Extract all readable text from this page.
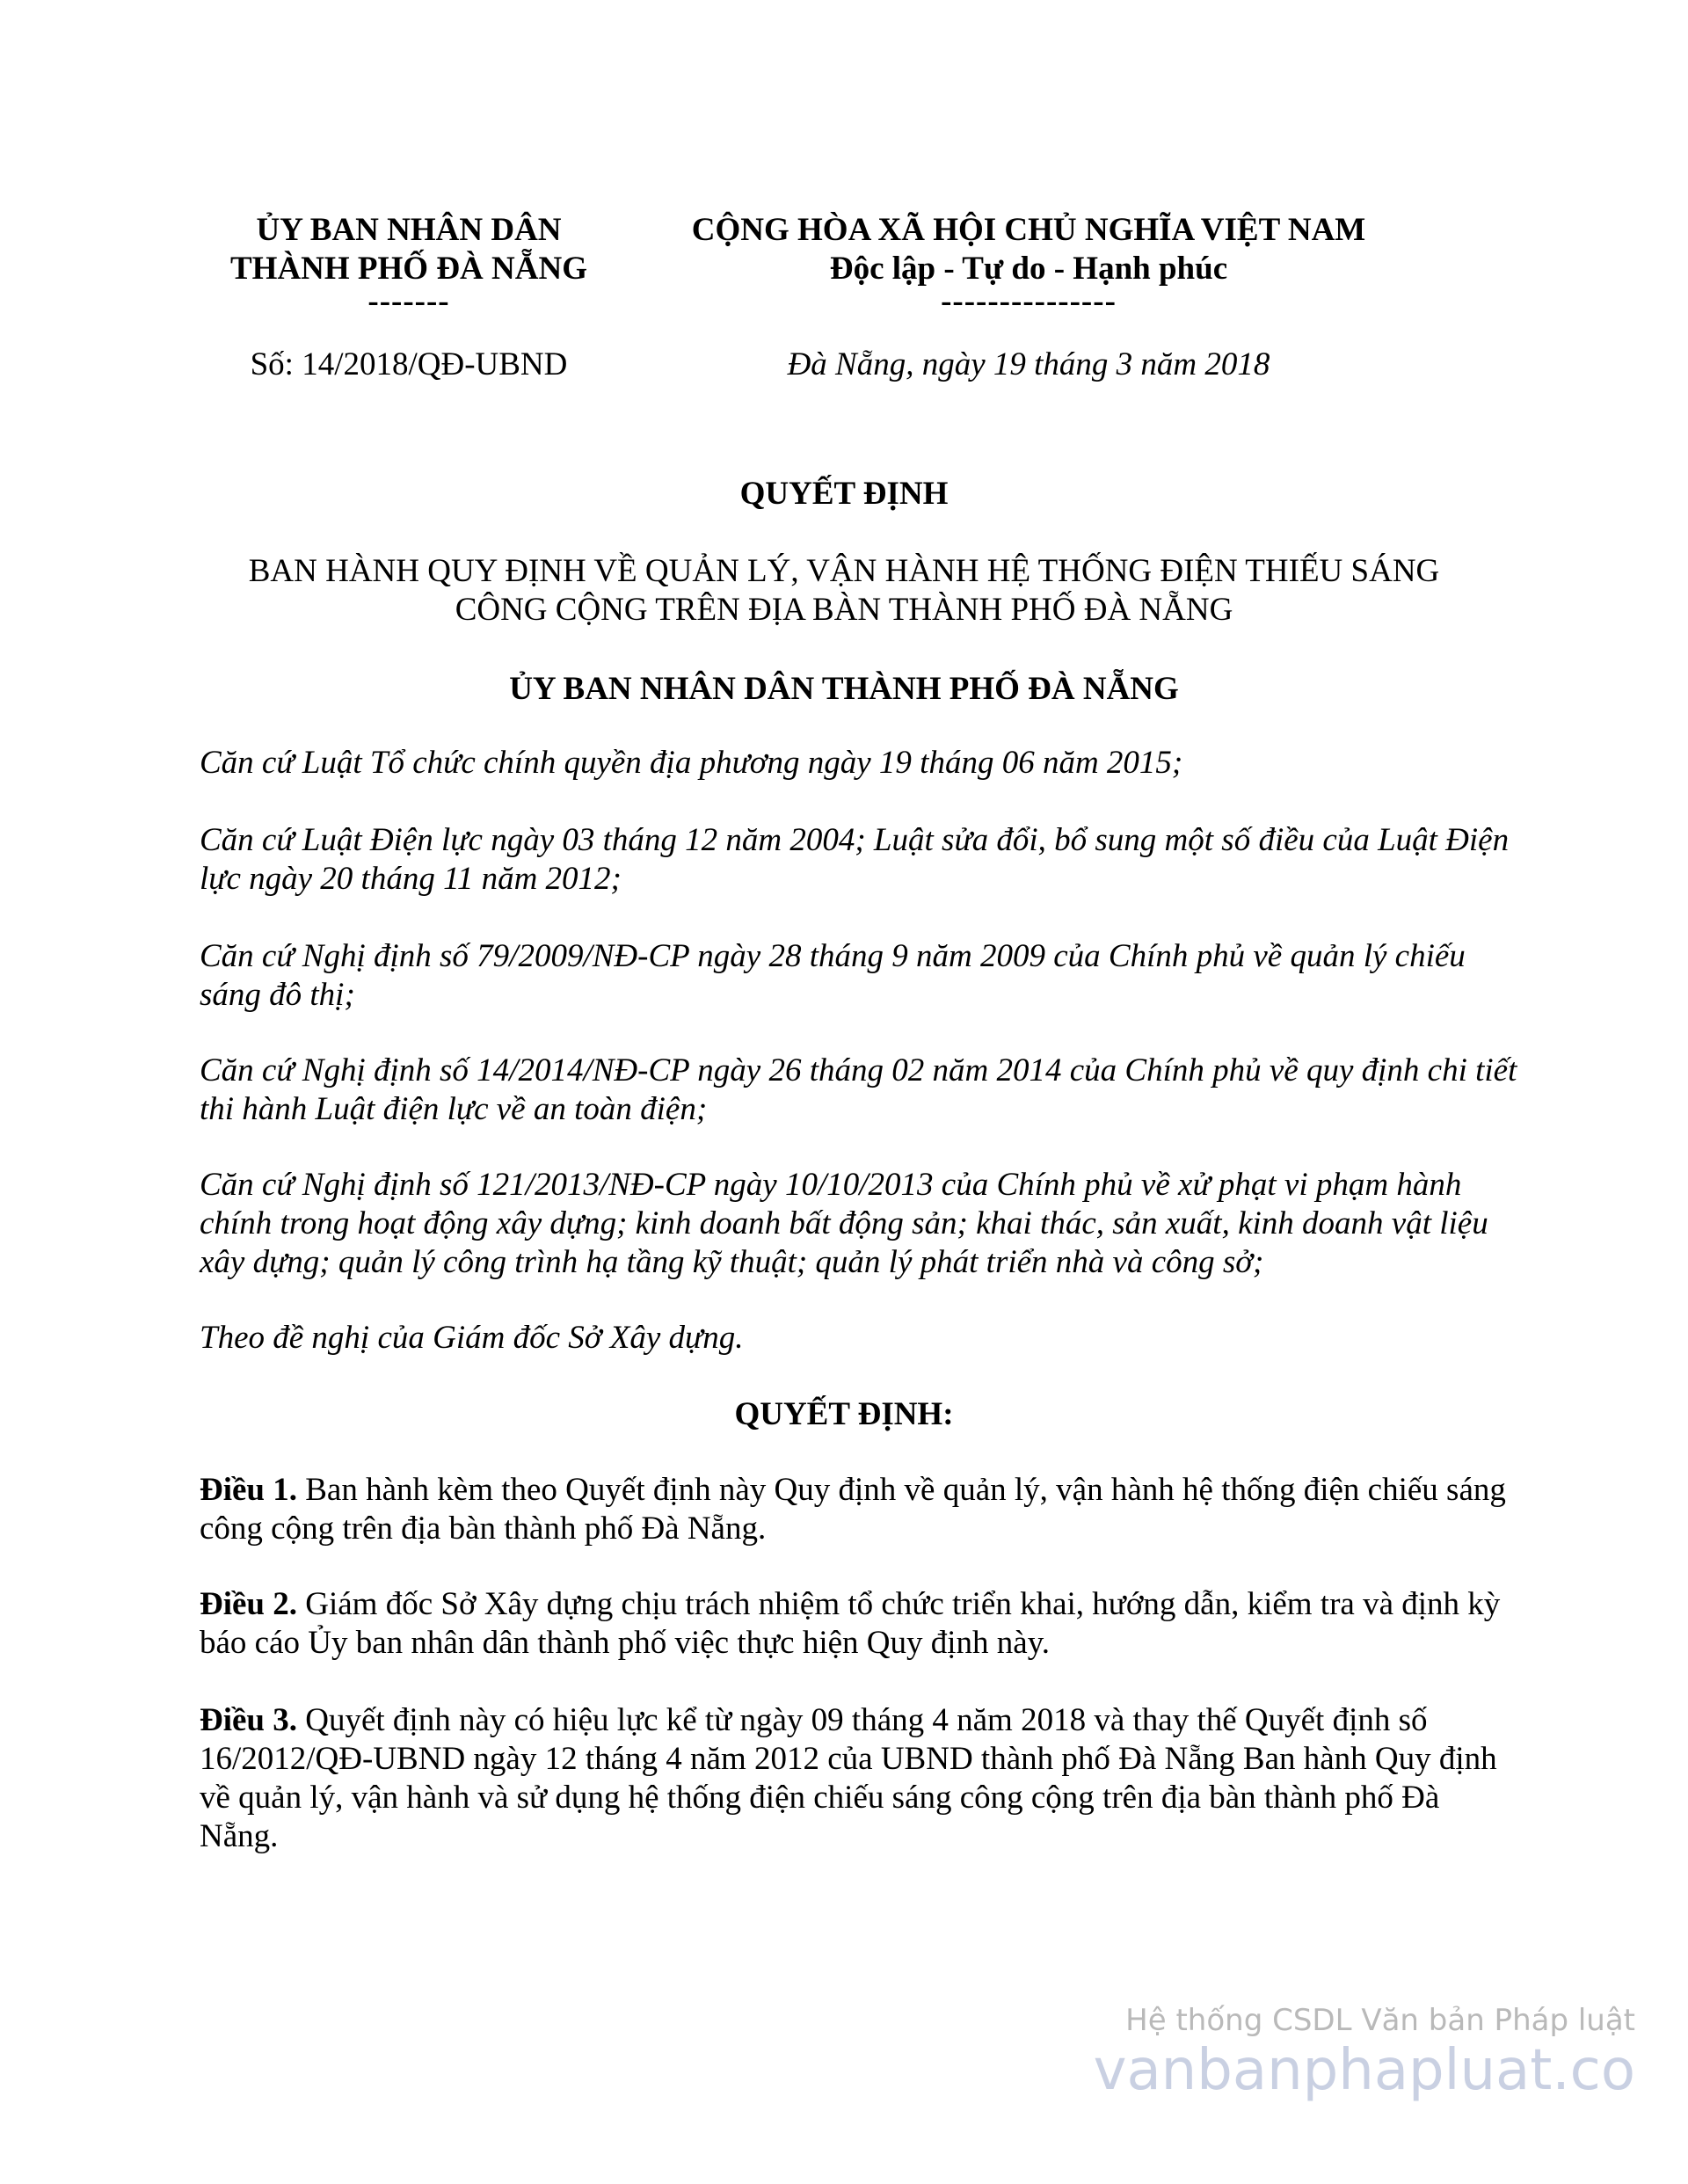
ỦY BAN NHÂN DÂN
THÀNH PHỐ ĐÀ NẴNG
-------
CỘNG HÒA XÃ HỘI CHỦ NGHĨA VIỆT NAM
Độc lập - Tự do - Hạnh phúc
---------------
Số: 14/2018/QĐ-UBND	Đà Nẵng, ngày 19 tháng 3 năm 2018
QUYẾT ĐỊNH
BAN HÀNH QUY ĐỊNH VỀ QUẢN LÝ, VẬN HÀNH HỆ THỐNG ĐIỆN THIẾU SÁNG
CÔNG CỘNG TRÊN ĐỊA BÀN THÀNH PHỐ ĐÀ NẴNG
ỦY BAN NHÂN DÂN THÀNH PHỐ ĐÀ NẴNG

Căn cứ Luật Tổ chức chính quyền địa phương ngày 19 tháng 06 năm 2015;

Căn cứ Luật Điện lực ngày 03 tháng 12 năm 2004; Luật sửa đổi, bổ sung một số điều của Luật Điện lực ngày 20 tháng 11 năm 2012;

Căn cứ Nghị định số 79/2009/NĐ-CP ngày 28 tháng 9 năm 2009 của Chính phủ về quản lý chiếu sáng đô thị;

Căn cứ Nghị định số 14/2014/NĐ-CP ngày 26 tháng 02 năm 2014 của Chính phủ về quy định chi tiết thi hành Luật điện lực về an toàn điện;

Căn cứ Nghị định số 121/2013/NĐ-CP ngày 10/10/2013 của Chính phủ về xử phạt vi phạm hành chính trong hoạt động xây dựng; kinh doanh bất động sản; khai thác, sản xuất, kinh doanh vật liệu xây dựng; quản lý công trình hạ tầng kỹ thuật; quản lý phát triển nhà và công sở;

Theo đề nghị của Giám đốc Sở Xây dựng.

QUYẾT ĐỊNH:

Điều 1. Ban hành kèm theo Quyết định này Quy định về quản lý, vận hành hệ thống điện chiếu sáng công cộng trên địa bàn thành phố Đà Nẵng.

Điều 2. Giám đốc Sở Xây dựng chịu trách nhiệm tổ chức triển khai, hướng dẫn, kiểm tra và định kỳ báo cáo Ủy ban nhân dân thành phố việc thực hiện Quy định này.

Điều 3. Quyết định này có hiệu lực kể từ ngày 09 tháng 4 năm 2018 và thay thế Quyết định số 16/2012/QĐ-UBND ngày 12 tháng 4 năm 2012 của UBND thành phố Đà Nẵng Ban hành Quy định về quản lý, vận hành và sử dụng hệ thống điện chiếu sáng công cộng trên địa bàn thành phố Đà Nẵng.

Hệ thống CSDL Văn bản Pháp luật
vanbanphapluat.co
